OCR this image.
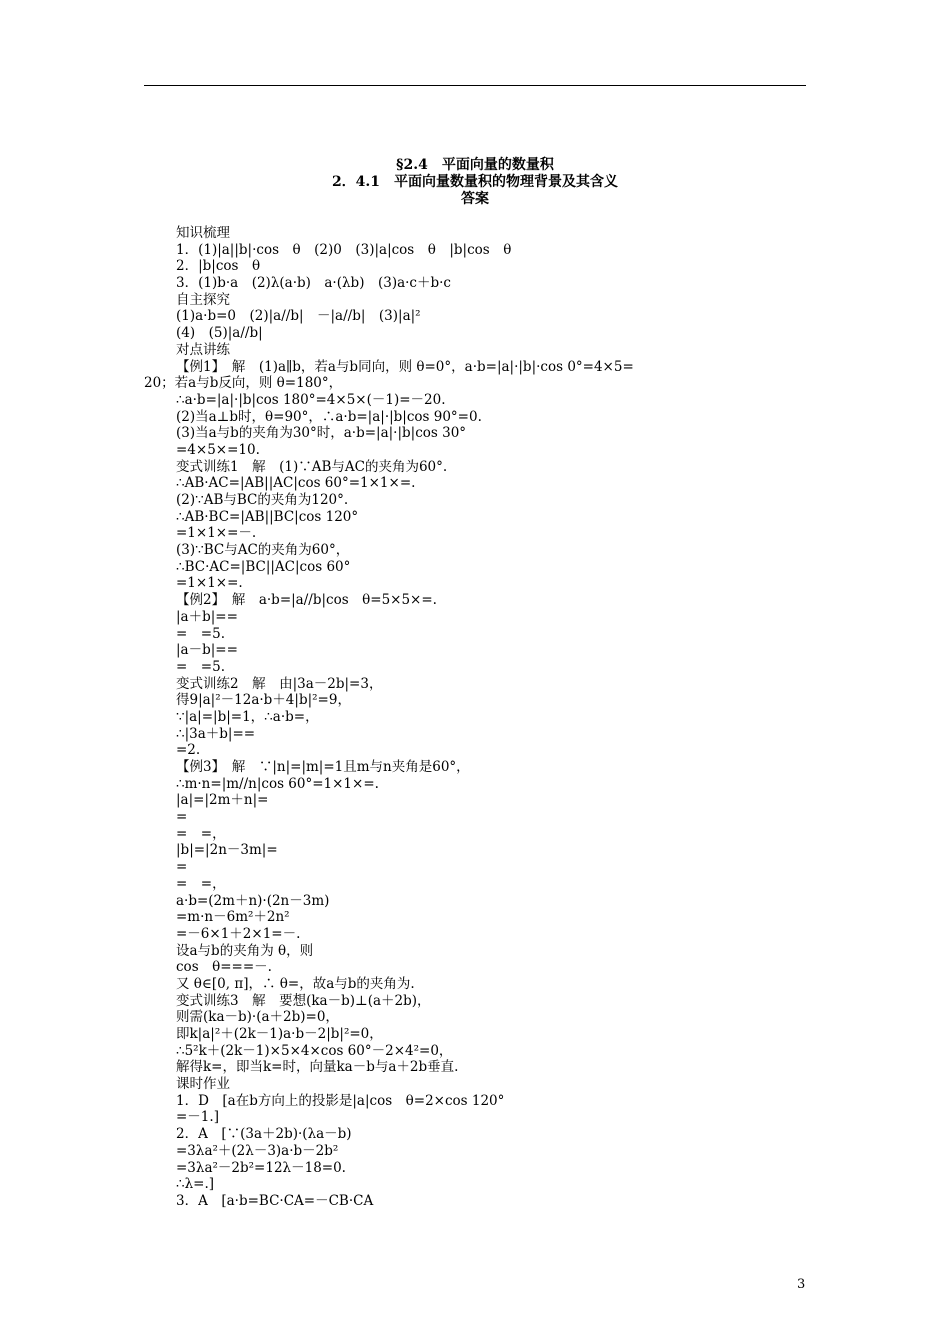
§2.4　平面向量的数量积
2．4.1　平面向量数量积的物理背景及其含义
答案
知识梳理
1．(1)|a||b|·cos　θ　(2)0　(3)|a|cos　θ　|b|cos　θ
2．|b|cos　θ
3．(1)b·a　(2)λ(a·b)　a·(λb)　(3)a·c＋b·c
自主探究
(1)a·b=0　(2)|a//b|　－|a//b|　(3)|a|²
(4)　(5)|a//b|
对点讲练
【例1】　解　(1)a∥b，若a与b同向，则 θ=0°，a·b=|a|·|b|·cos 0°=4×5=
20；若a与b反向，则 θ=180°，
∴a·b=|a|·|b|cos 180°=4×5×(－1)=－20.
(2)当a⊥b时，θ=90°，∴a·b=|a|·|b|cos 90°=0.
(3)当a与b的夹角为30°时，a·b=|a|·|b|cos 30°
=4×5×=10.
变式训练1　解　(1)∵AB与AC的夹角为60°.
∴AB·AC=|AB||AC|cos 60°=1×1×=.
(2)∵AB与BC的夹角为120°.
∴AB·BC=|AB||BC|cos 120°
=1×1×=－.
(3)∵BC与AC的夹角为60°，
∴BC·AC=|BC||AC|cos 60°
=1×1×=.
【例2】　解　a·b=|a//b|cos　θ=5×5×=.
|a＋b|==
=　=5.
|a－b|==
=　=5.
变式训练2　解　由|3a－2b|=3，
得9|a|²－12a·b＋4|b|²=9，
∵|a|=|b|=1，∴a·b=，
∴|3a＋b|==
=2.
【例3】　解　∵|n|=|m|=1且m与n夹角是60°，
∴m·n=|m//n|cos 60°=1×1×=.
|a|=|2m＋n|=
=
=　=，
|b|=|2n－3m|=
=
=　=，
a·b=(2m＋n)·(2n－3m)
=m·n－6m²＋2n²
=－6×1＋2×1=－.
设a与b的夹角为 θ，则
cos　θ===－.
又 θ∈[0, π]，∴ θ=，故a与b的夹角为.
变式训练3　解　要想(ka－b)⊥(a＋2b)，
则需(ka－b)·(a＋2b)=0，
即k|a|²＋(2k－1)a·b－2|b|²=0，
∴5²k＋(2k－1)×5×4×cos 60°－2×4²=0，
解得k=，即当k=时，向量ka－b与a＋2b垂直.
课时作业
1．D　[a在b方向上的投影是|a|cos　θ=2×cos 120°
=－1.]
2．A　[∵(3a＋2b)·(λa－b)
=3λa²＋(2λ－3)a·b－2b²
=3λa²－2b²=12λ－18=0.
∴λ=.]
3．A　[a·b=BC·CA=－CB·CA
3
